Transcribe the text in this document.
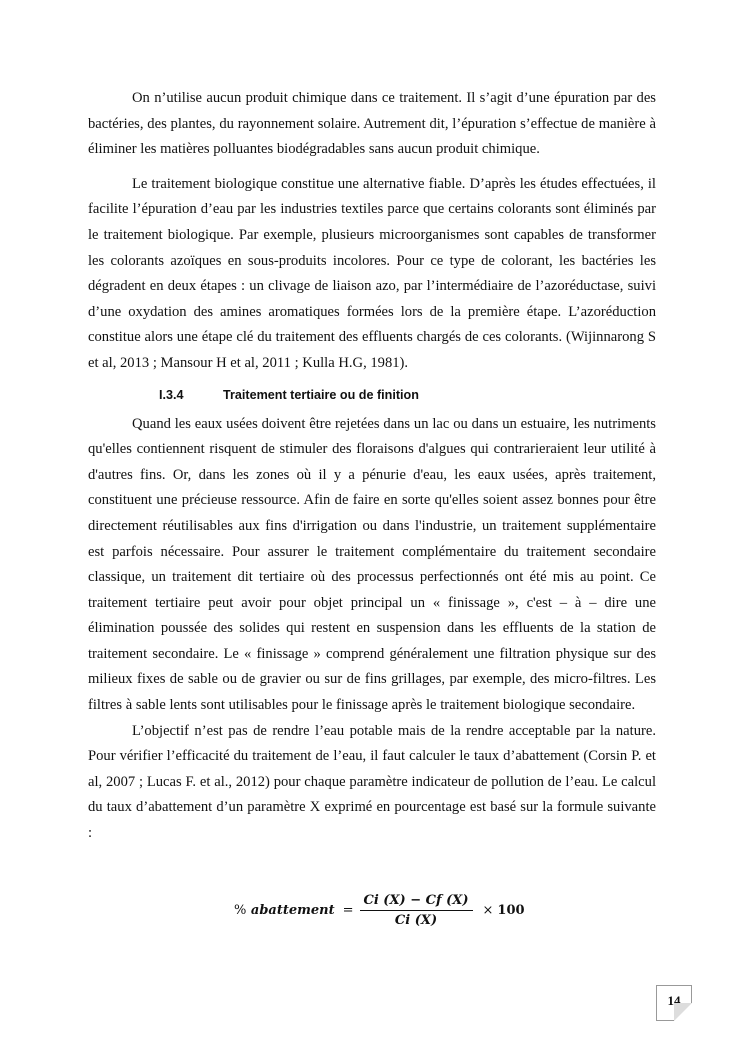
On n’utilise aucun produit chimique dans ce traitement. Il s’agit d’une épuration par des bactéries, des plantes, du rayonnement solaire. Autrement dit, l’épuration s’effectue de manière à éliminer les matières polluantes biodégradables sans aucun produit chimique.

Le traitement biologique constitue une alternative fiable. D’après les études effectuées, il facilite l’épuration d’eau par les industries textiles parce que certains colorants sont éliminés par le traitement biologique. Par exemple, plusieurs microorganismes sont capables de transformer les colorants azoïques en sous-produits incolores. Pour ce type de colorant, les bactéries les dégradent en deux étapes : un clivage de liaison azo, par l’intermédiaire de l’azoréductase, suivi d’une oxydation des amines aromatiques formées lors de la première étape. L’azoréduction constitue alors une étape clé du traitement des effluents chargés de ces colorants. (Wijinnarong S et al, 2013 ; Mansour H et al, 2011 ; Kulla H.G, 1981).

I.3.4	Traitement tertiaire ou de finition

Quand les eaux usées doivent être rejetées dans un lac ou dans un estuaire, les nutriments qu'elles contiennent risquent de stimuler des floraisons d'algues qui contrarieraient leur utilité à d'autres fins. Or, dans les zones où il y a pénurie d'eau, les eaux usées, après traitement, constituent une précieuse ressource. Afin de faire en sorte qu'elles soient assez bonnes pour être directement réutilisables aux fins d'irrigation ou dans l'industrie, un traitement supplémentaire est parfois nécessaire. Pour assurer le traitement complémentaire du traitement secondaire classique, un traitement dit tertiaire où des processus perfectionnés ont été mis au point. Ce traitement tertiaire peut avoir pour objet principal un « finissage », c'est – à – dire une élimination poussée des solides qui restent en suspension dans les effluents de la station de traitement secondaire. Le « finissage » comprend généralement une filtration physique sur des milieux fixes de sable ou de gravier ou sur de fins grillages, par exemple, des micro-filtres. Les filtres à sable lents sont utilisables pour le finissage après le traitement biologique secondaire.

L’objectif n’est pas de rendre l’eau potable mais de la rendre acceptable par la nature. Pour vérifier l’efficacité du traitement de l’eau, il faut calculer le taux d’abattement (Corsin P. et al, 2007 ; Lucas F. et al., 2012) pour chaque paramètre indicateur de pollution de l’eau. Le calcul du taux d’abattement d’un paramètre X exprimé en pourcentage est basé sur la formule suivante :

% abattement = $\frac{Ci (X) - Cf (X)}{Ci (X)} \times 100$
14
